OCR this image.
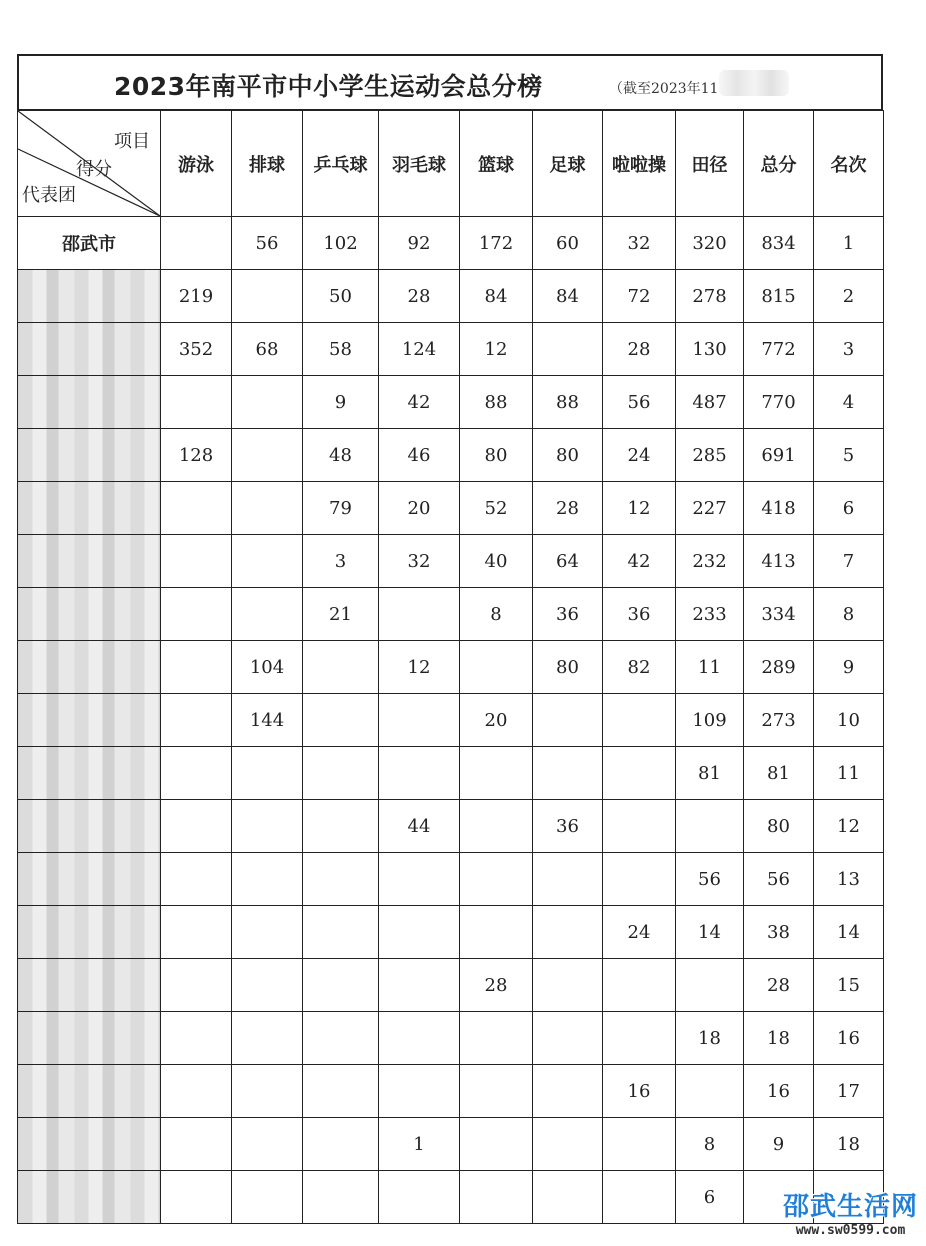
2023年南平市中小学生运动会总分榜	（截至2023年11
项目
得分
代表团	游泳	排球	乒乓球	羽毛球	篮球	足球	啦啦操	田径	总分	名次
邵武市		56	102	92	172	60	32	320	834	1
	219		50	28	84	84	72	278	815	2
	352	68	58	124	12		28	130	772	3
			9	42	88	88	56	487	770	4
	128		48	46	80	80	24	285	691	5
			79	20	52	28	12	227	418	6
			3	32	40	64	42	232	413	7
			21		8	36	36	233	334	8
		104		12		80	82	11	289	9
		144			20			109	273	10
								81	81	11
				44		36			80	12
								56	56	13
							24	14	38	14
					28				28	15
								18	18	16
							16		16	17
				1				8	9	18
								6			邵武生活网
www.sw0599.com
